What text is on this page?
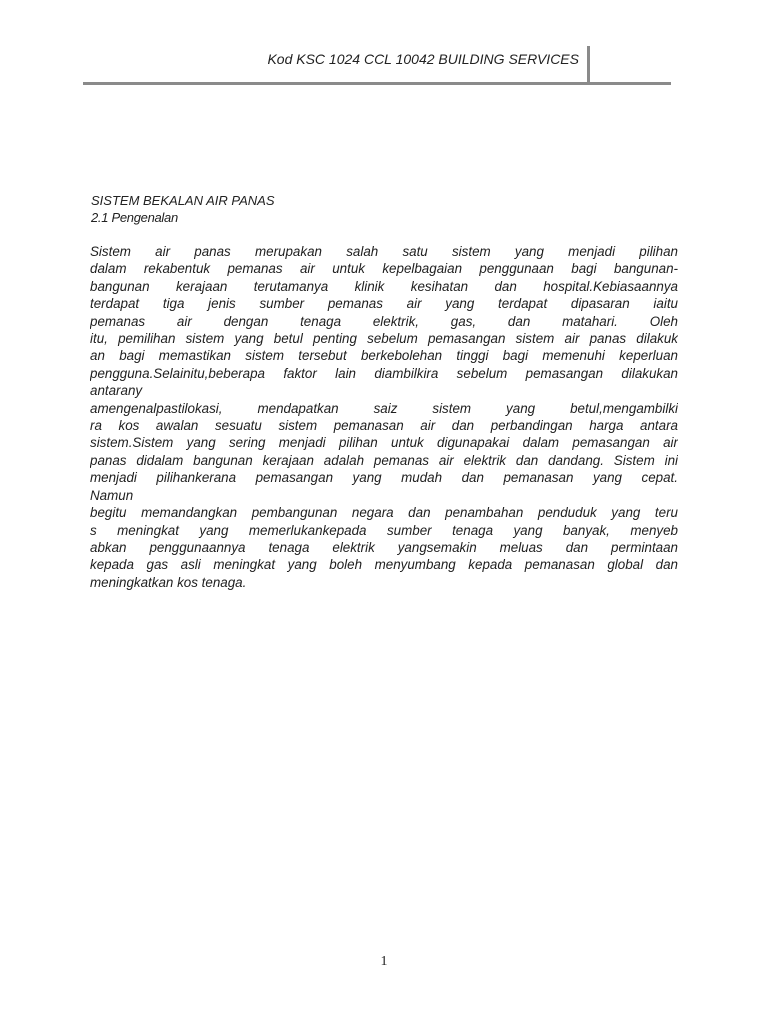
Kod KSC 1024 CCL 10042 BUILDING SERVICES
SISTEM BEKALAN AIR PANAS
2.1 Pengenalan
Sistem air panas merupakan salah satu sistem yang menjadi pilihan
dalam rekabentuk pemanas air untuk kepelbagaian penggunaan bagi bangunan-
bangunan kerajaan terutamanya klinik kesihatan dan hospital.Kebiasaannya
terdapat tiga jenis sumber pemanas air yang terdapat dipasaran iaitu
pemanas air dengan tenaga elektrik, gas, dan matahari. Oleh
itu, pemilihan sistem yang betul penting sebelum pemasangan sistem air panas dilakuk
an bagi memastikan sistem tersebut berkebolehan tinggi bagi memenuhi keperluan
pengguna.Selainitu,beberapa faktor lain diambilkira sebelum pemasangan dilakukan
antarany
amengenalpastilokasi, mendapatkan saiz sistem yang betul,mengambilki
ra kos awalan sesuatu sistem pemanasan air dan perbandingan harga antara
sistem.Sistem yang sering menjadi pilihan untuk digunapakai dalam pemasangan air
panas didalam bangunan kerajaan adalah pemanas air elektrik dan dandang. Sistem ini
menjadi pilihankerana pemasangan yang mudah dan pemanasan yang cepat.
Namun
begitu memandangkan pembangunan negara dan penambahan penduduk yang teru
s meningkat yang memerlukankepada sumber tenaga yang banyak, menyeb
abkan penggunaannya tenaga elektrik yangsemakin meluas dan permintaan
kepada gas asli meningkat yang boleh menyumbang kepada pemanasan global dan
meningkatkan kos tenaga.
1
